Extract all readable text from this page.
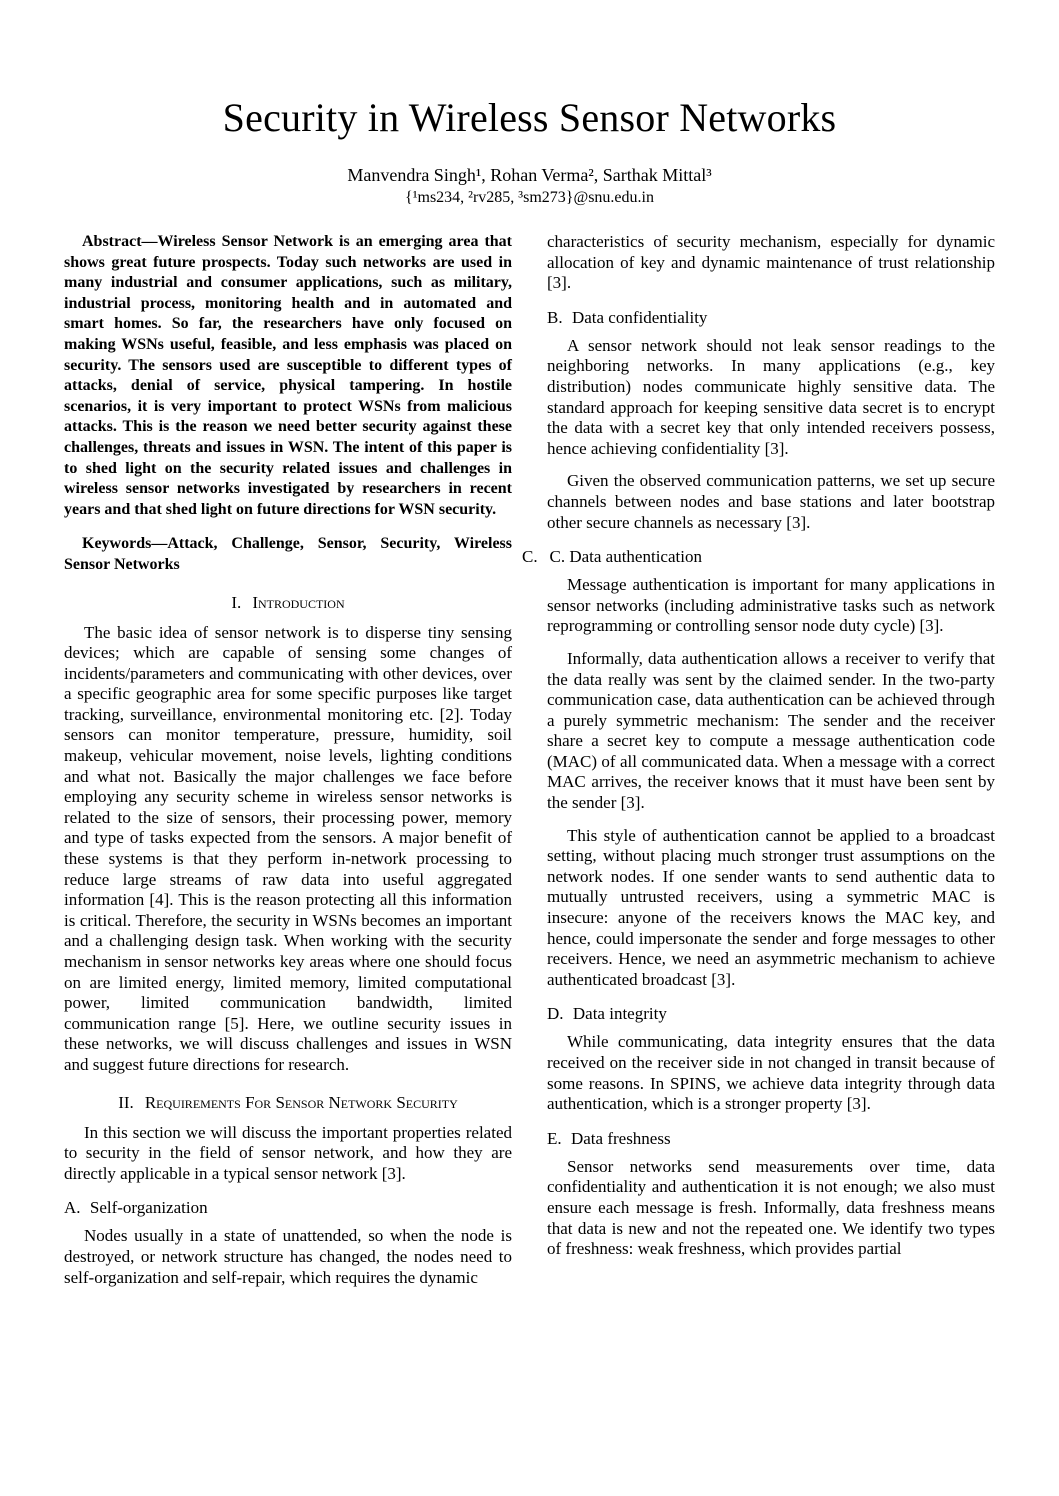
Security in Wireless Sensor Networks
Manvendra Singh¹, Rohan Verma², Sarthak Mittal³
{¹ms234, ²rv285, ³sm273}@snu.edu.in

Abstract—Wireless Sensor Network is an emerging area that shows great future prospects. Today such networks are used in many industrial and consumer applications, such as military, industrial process, monitoring health and in automated and smart homes. So far, the researchers have only focused on making WSNs useful, feasible, and less emphasis was placed on security. The sensors used are susceptible to different types of attacks, denial of service, physical tampering. In hostile scenarios, it is very important to protect WSNs from malicious attacks. This is the reason we need better security against these challenges, threats and issues in WSN. The intent of this paper is to shed light on the security related issues and challenges in wireless sensor networks investigated by researchers in recent years and that shed light on future directions for WSN security.

Keywords—Attack, Challenge, Sensor, Security, Wireless Sensor Networks

I. Introduction

The basic idea of sensor network is to disperse tiny sensing devices; which are capable of sensing some changes of incidents/parameters and communicating with other devices, over a specific geographic area for some specific purposes like target tracking, surveillance, environmental monitoring etc. [2]. Today sensors can monitor temperature, pressure, humidity, soil makeup, vehicular movement, noise levels, lighting conditions and what not. Basically the major challenges we face before employing any security scheme in wireless sensor networks is related to the size of sensors, their processing power, memory and type of tasks expected from the sensors. A major benefit of these systems is that they perform in-network processing to reduce large streams of raw data into useful aggregated information [4]. This is the reason protecting all this information is critical. Therefore, the security in WSNs becomes an important and a challenging design task. When working with the security mechanism in sensor networks key areas where one should focus on are limited energy, limited memory, limited computational power, limited communication bandwidth, limited communication range [5]. Here, we outline security issues in these networks, we will discuss challenges and issues in WSN and suggest future directions for research.

II. Requirements For Sensor Network Security

In this section we will discuss the important properties related to security in the field of sensor network, and how they are directly applicable in a typical sensor network [3].

A. Self-organization

Nodes usually in a state of unattended, so when the node is destroyed, or network structure has changed, the nodes need to self-organization and self-repair, which requires the dynamic

characteristics of security mechanism, especially for dynamic allocation of key and dynamic maintenance of trust relationship [3].

B. Data confidentiality

A sensor network should not leak sensor readings to the neighboring networks. In many applications (e.g., key distribution) nodes communicate highly sensitive data. The standard approach for keeping sensitive data secret is to encrypt the data with a secret key that only intended receivers possess, hence achieving confidentiality [3].

Given the observed communication patterns, we set up secure channels between nodes and base stations and later bootstrap other secure channels as necessary [3].

C. C. Data authentication

Message authentication is important for many applications in sensor networks (including administrative tasks such as network reprogramming or controlling sensor node duty cycle) [3].

Informally, data authentication allows a receiver to verify that the data really was sent by the claimed sender. In the two-party communication case, data authentication can be achieved through a purely symmetric mechanism: The sender and the receiver share a secret key to compute a message authentication code (MAC) of all communicated data. When a message with a correct MAC arrives, the receiver knows that it must have been sent by the sender [3].

This style of authentication cannot be applied to a broadcast setting, without placing much stronger trust assumptions on the network nodes. If one sender wants to send authentic data to mutually untrusted receivers, using a symmetric MAC is insecure: anyone of the receivers knows the MAC key, and hence, could impersonate the sender and forge messages to other receivers. Hence, we need an asymmetric mechanism to achieve authenticated broadcast [3].

D. Data integrity

While communicating, data integrity ensures that the data received on the receiver side in not changed in transit because of some reasons. In SPINS, we achieve data integrity through data authentication, which is a stronger property [3].

E. Data freshness

Sensor networks send measurements over time, data confidentiality and authentication it is not enough; we also must ensure each message is fresh. Informally, data freshness means that data is new and not the repeated one. We identify two types of freshness: weak freshness, which provides partial
